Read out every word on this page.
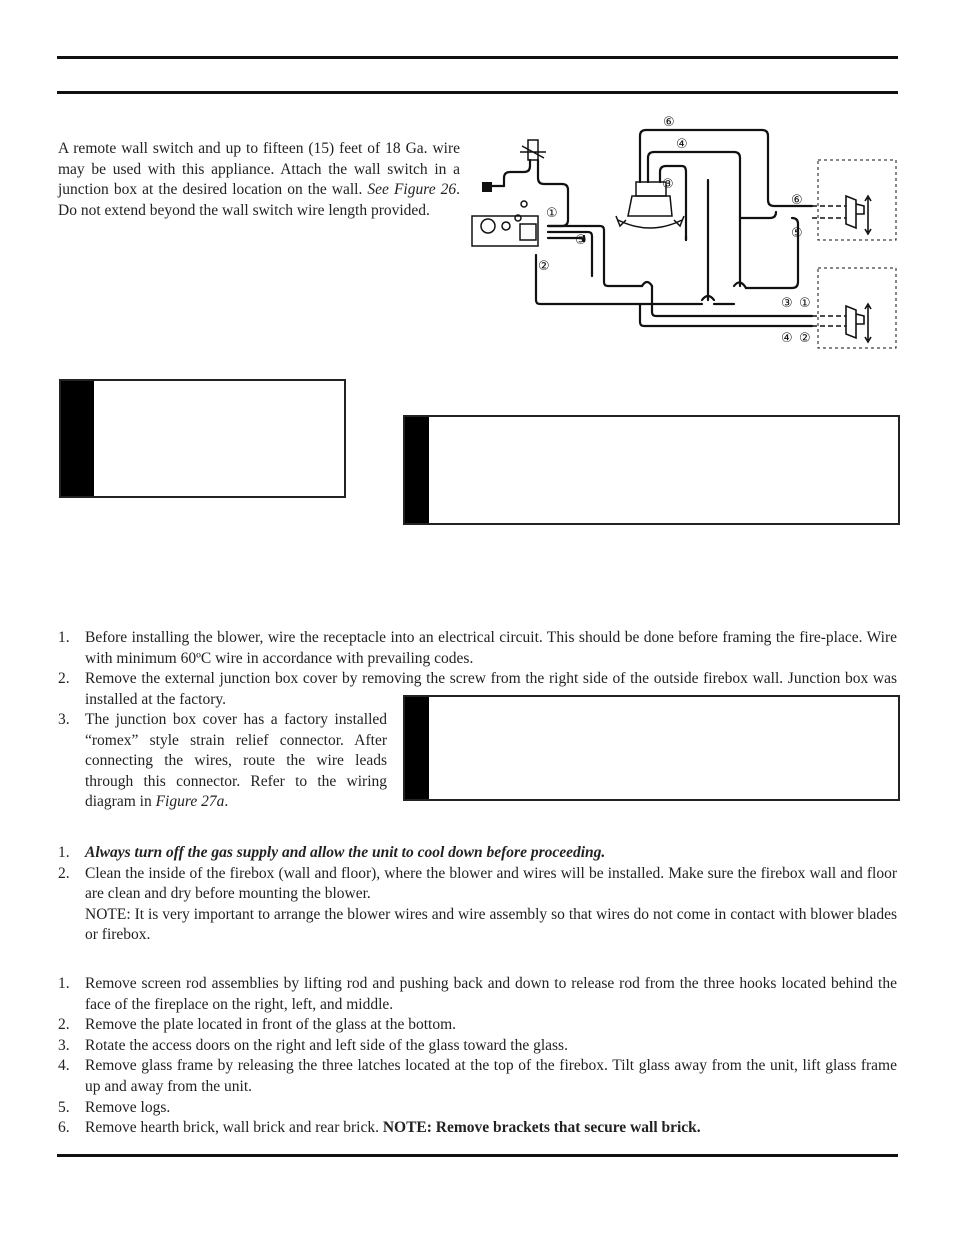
A remote wall switch and up to fifteen (15) feet of 18 Ga. wire may be used with this appliance. Attach the wall switch in a junction box at the desired location on the wall. See Figure 26. Do not extend beyond the wall switch wire length provided.
⑥
④
③
①
⑤
②
⑥
⑤
③ ①
④ ②
1. Before installing the blower, wire the receptacle into an electrical circuit. This should be done before framing the fire-place. Wire with minimum 60ºC wire in accordance with prevailing codes.
2. Remove the external junction box cover by removing the screw from the right side of the outside firebox wall. Junction box was installed at the factory.
3. The junction box cover has a factory installed “romex” style strain relief connector. After connecting the wires, route the wire leads through this connector. Refer to the wiring diagram in Figure 27a.
1. Always turn off the gas supply and allow the unit to cool down before proceeding.
2. Clean the inside of the firebox (wall and floor), where the blower and wires will be installed. Make sure the firebox wall and floor are clean and dry before mounting the blower.
NOTE: It is very important to arrange the blower wires and wire assembly so that wires do not come in contact with blower blades or firebox.
1. Remove screen rod assemblies by lifting rod and pushing back and down to release rod from the three hooks located behind the face of the fireplace on the right, left, and middle.
2. Remove the plate located in front of the glass at the bottom.
3. Rotate the access doors on the right and left side of the glass toward the glass.
4. Remove glass frame by releasing the three latches located at the top of the firebox. Tilt glass away from the unit, lift glass frame up and away from the unit.
5. Remove logs.
6. Remove hearth brick, wall brick and rear brick. NOTE: Remove brackets that secure wall brick.
